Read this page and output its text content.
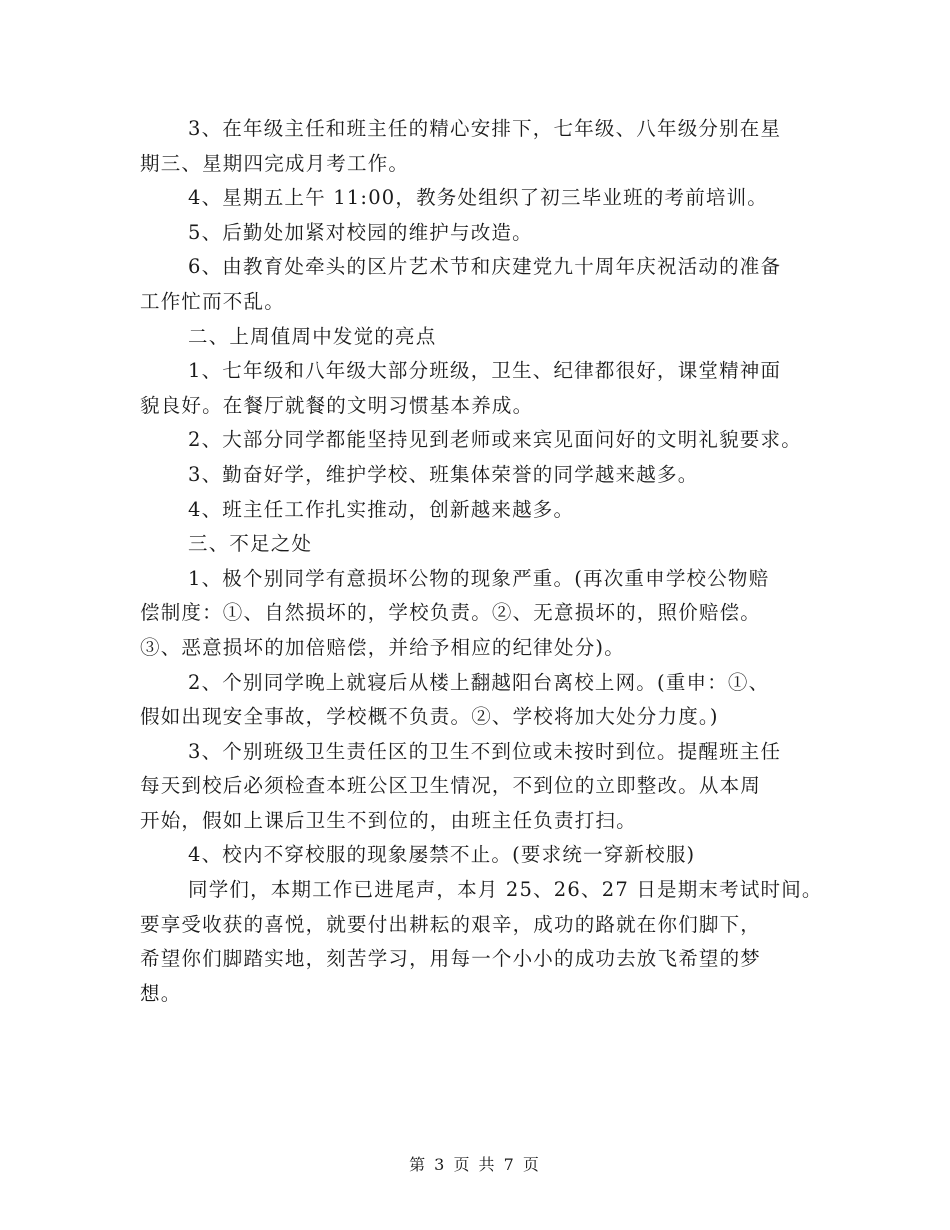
3、在年级主任和班主任的精心安排下，七年级、八年级分别在星
期三、星期四完成月考工作。
4、星期五上午 11:00，教务处组织了初三毕业班的考前培训。
5、后勤处加紧对校园的维护与改造。
6、由教育处牵头的区片艺术节和庆建党九十周年庆祝活动的准备
工作忙而不乱。
二、上周值周中发觉的亮点
1、七年级和八年级大部分班级，卫生、纪律都很好，课堂精神面
貌良好。在餐厅就餐的文明习惯基本养成。
2、大部分同学都能坚持见到老师或来宾见面问好的文明礼貌要求。
3、勤奋好学，维护学校、班集体荣誉的同学越来越多。
4、班主任工作扎实推动，创新越来越多。
三、不足之处
1、极个别同学有意损坏公物的现象严重。(再次重申学校公物赔
偿制度：①、自然损坏的，学校负责。②、无意损坏的，照价赔偿。
③、恶意损坏的加倍赔偿，并给予相应的纪律处分)。
2、个别同学晚上就寝后从楼上翻越阳台离校上网。(重申：①、
假如出现安全事故，学校概不负责。②、学校将加大处分力度。)
3、个别班级卫生责任区的卫生不到位或未按时到位。提醒班主任
每天到校后必须检查本班公区卫生情况，不到位的立即整改。从本周
开始，假如上课后卫生不到位的，由班主任负责打扫。
4、校内不穿校服的现象屡禁不止。(要求统一穿新校服)
同学们，本期工作已进尾声，本月 25、26、27 日是期末考试时间。
要享受收获的喜悦，就要付出耕耘的艰辛，成功的路就在你们脚下，
希望你们脚踏实地，刻苦学习，用每一个小小的成功去放飞希望的梦
想。
第 3 页 共 7 页
